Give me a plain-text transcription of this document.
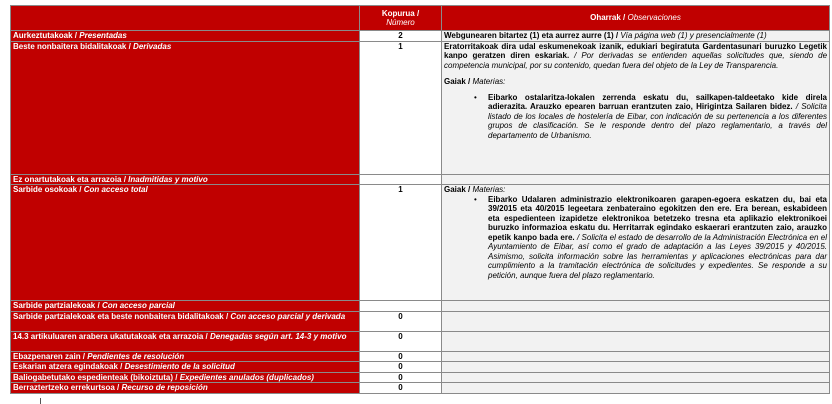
	Kopurua /
Número	Oharrak / Observaciones
Aurkeztutakoak / Presentadas	2	Webgunearen bitartez (1) eta aurrez aurre (1) / Vía página web (1) y presencialmente (1)
Beste nonbaitera bidalitakoak / Derivadas	1	Eratorritakoak dira udal eskumenekoak izanik, edukiari begiratuta Gardentasunari buruzko Legetik kanpo geratzen diren eskariak. / Por derivadas se entienden aquellas solicitudes que, siendo de competencia municipal, por su contenido, quedan fuera del objeto de la Ley de Transparencia.
Gaiak / Materias:
• Eibarko ostalaritza-lokalen zerrenda eskatu du, sailkapen-taldeetako kide direla adierazita. Arauzko epearen barruan erantzuten zaio, Hirigintza Sailaren bidez. / Solicita listado de los locales de hostelería de Eibar, con indicación de su pertenencia a los diferentes grupos de clasificación. Se le responde dentro del plazo reglamentario, a través del departamento de Urbanismo.

Ez onartutakoak eta arrazoia / Inadmitidas y motivo		
Sarbide osokoak / Con acceso total	1	Gaiak / Materias:
• Eibarko Udalaren administrazio elektronikoaren garapen-egoera eskatzen du, bai eta 39/2015 eta 40/2015 legeetara zenbateraino egokitzen den ere. Era berean, eskabideen eta espedienteen izapidetze elektronikoa betetzeko tresna eta aplikazio elektronikoei buruzko informazioa eskatu du. Herritarrak egindako eskaerari erantzuten zaio, arauzko epetik kanpo bada ere. / Solicita el estado de desarrollo de la Administración Electrónica en el Ayuntamiento de Eibar, así como el grado de adaptación a las Leyes 39/2015 y 40/2015. Asimismo, solicita información sobre las herramientas y aplicaciones electrónicas para dar cumplimiento a la tramitación electrónica de solicitudes y expedientes. Se responde a su petición, aunque fuera del plazo reglamentario.

Sarbide partzialekoak / Con acceso parcial		
Sarbide partzialekoak eta beste nonbaitera bidalitakoak / Con acceso parcial y derivada	0	
14.3 artikuluaren arabera ukatutakoak eta arrazoia / Denegadas según art. 14-3 y motivo	0	
Ebazpenaren zain / Pendientes de resolución	0	
Eskarian atzera egindakoak / Desestimiento de la solicitud	0	
Baliogabetutako espedienteak (bikoiztuta) / Expedientes anulados (duplicados)	0	
Berraztertzeko errekurtsoa / Recurso de reposición	0	
